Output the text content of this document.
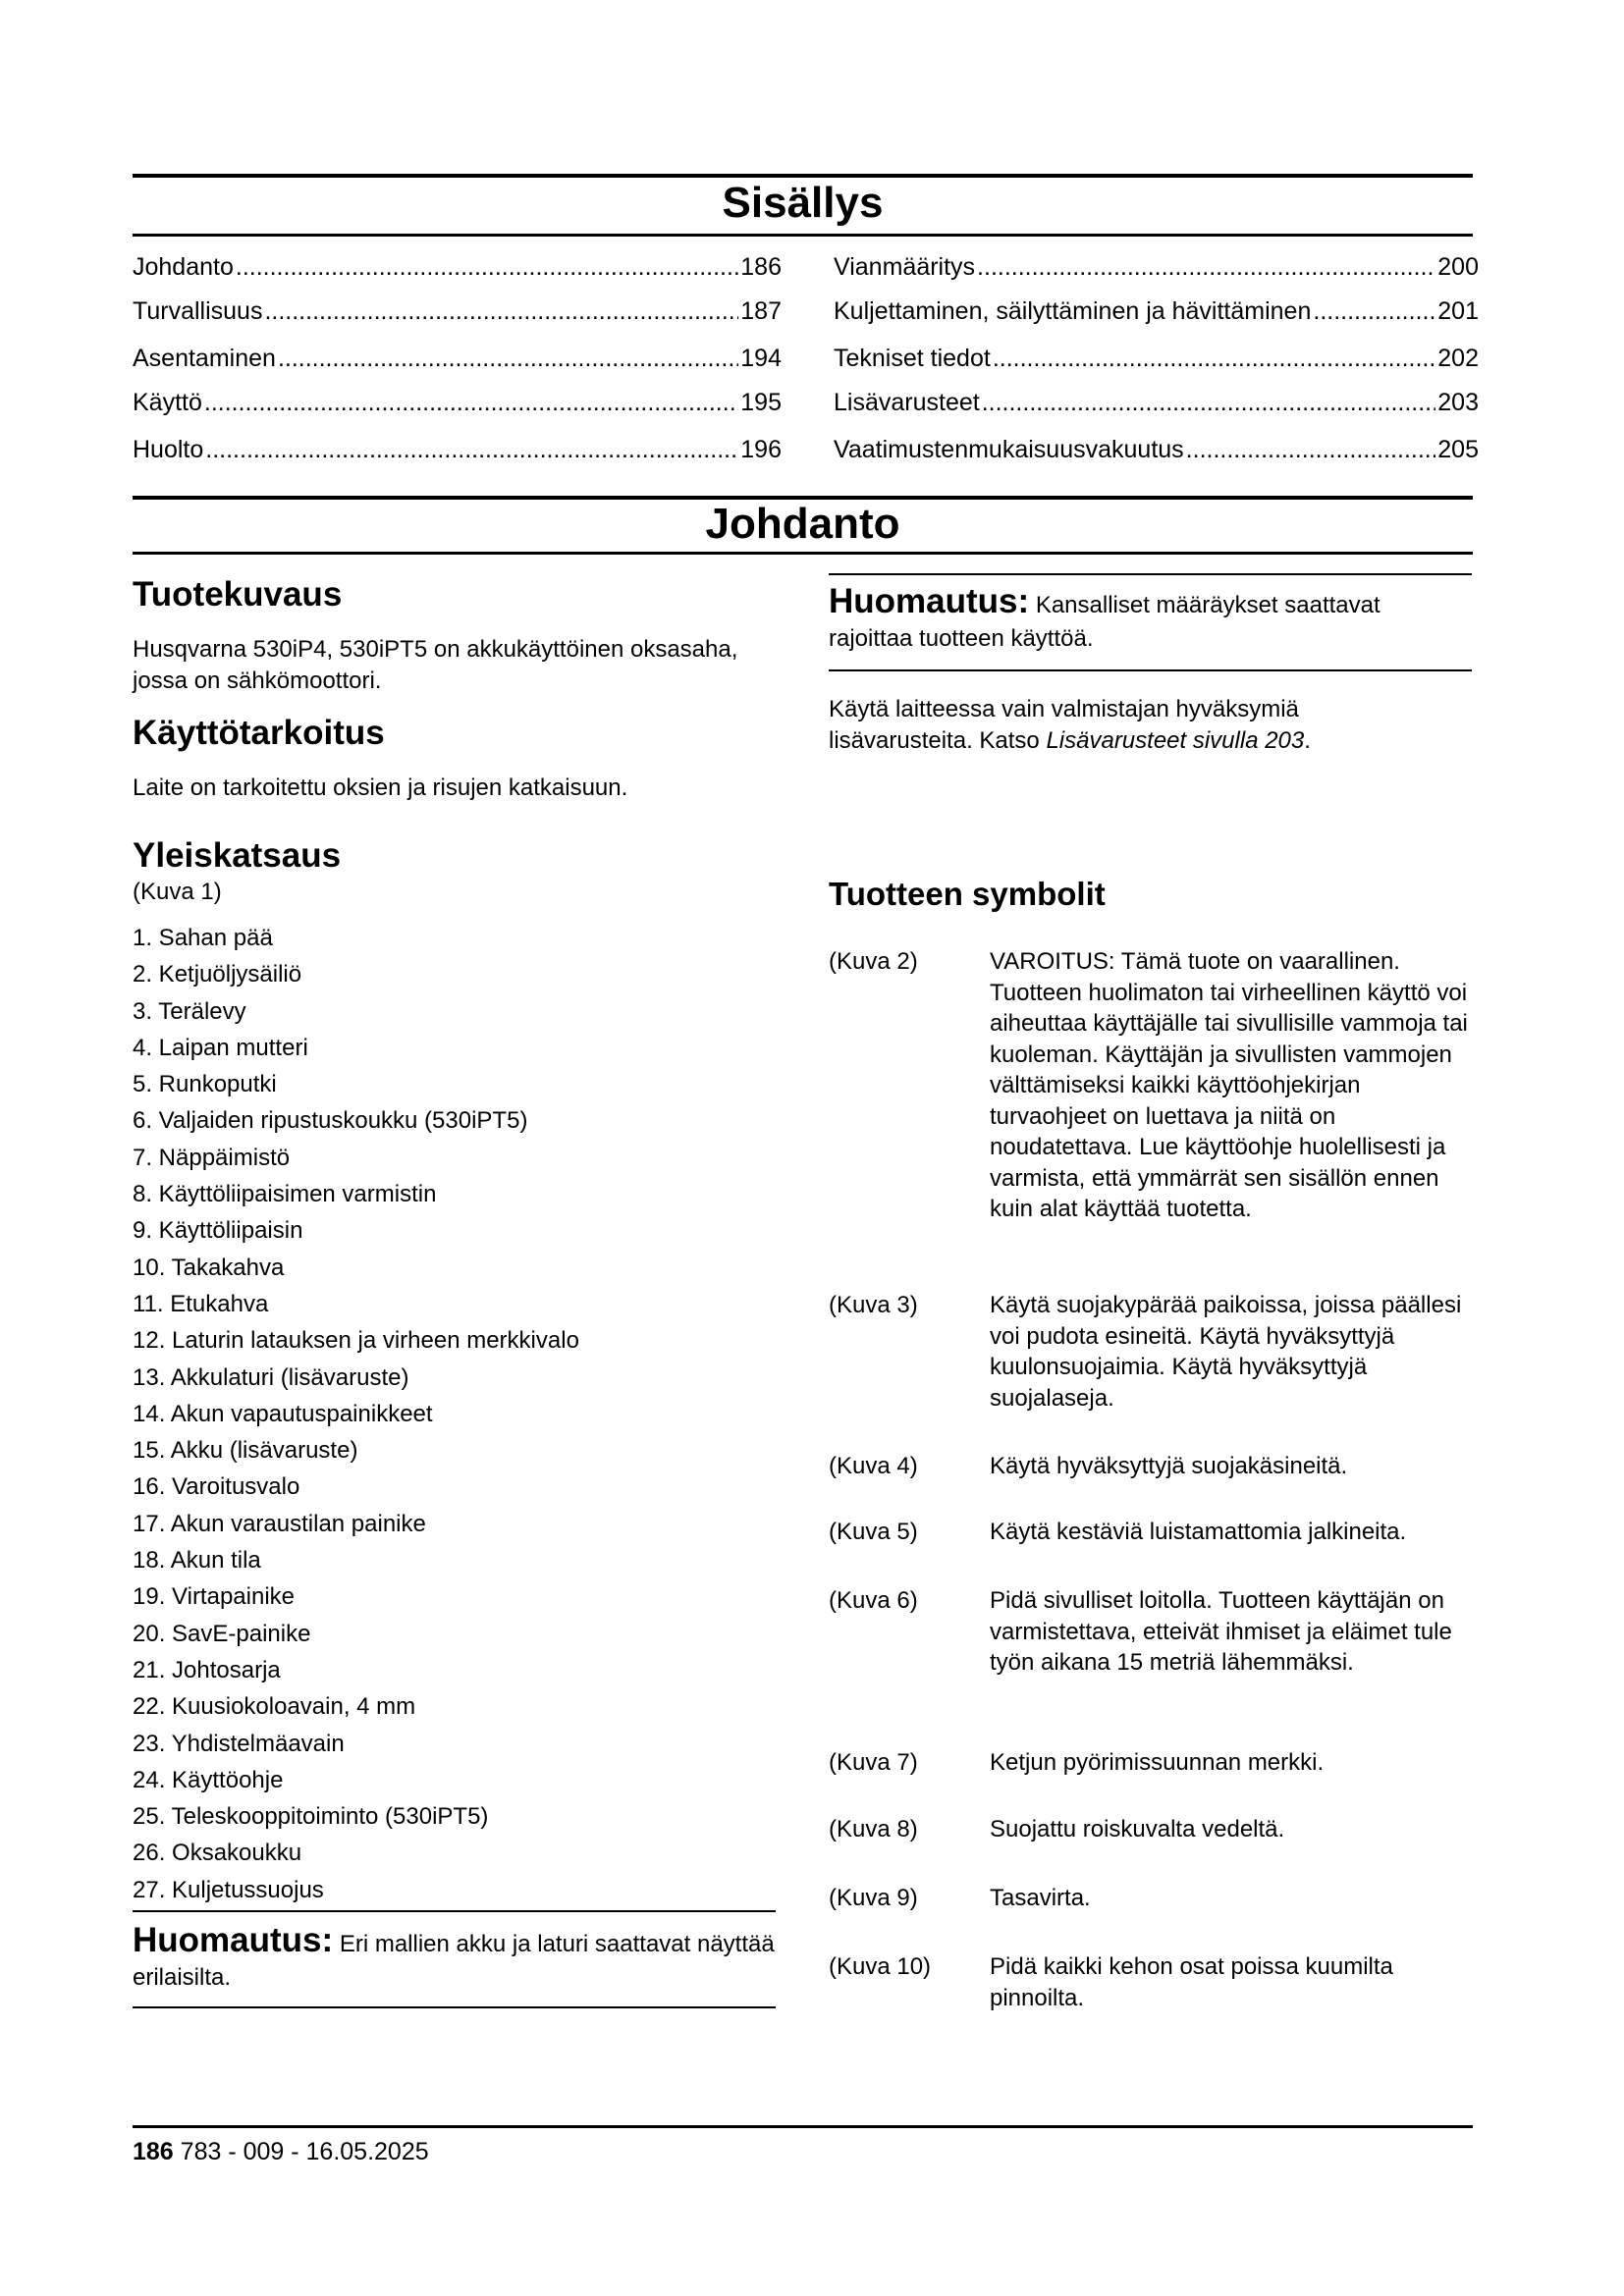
Sisällys
Johdanto .....	186
Turvallisuus .....	187
Asentaminen .....	194
Käyttö .....	195
Huolto .....	196
Vianmääritys .....	200
Kuljettaminen, säilyttäminen ja hävittäminen .....	201
Tekniset tiedot .....	202
Lisävarusteet .....	203
Vaatimustenmukaisuusvakuutus .....	205
Johdanto
Tuotekuvaus
Husqvarna 530iP4, 530iPT5 on akkukäyttöinen oksasaha, jossa on sähkömoottori.
Käyttötarkoitus
Laite on tarkoitettu oksien ja risujen katkaisuun.
Yleiskatsaus
(Kuva 1)
1. Sahan pää
2. Ketjuöljysäiliö
3. Terälevy
4. Laipan mutteri
5. Runkoputki
6. Valjaiden ripustuskoukku (530iPT5)
7. Näppäimistö
8. Käyttöliipaisimen varmistin
9. Käyttöliipaisin
10. Takakahva
11. Etukahva
12. Laturin latauksen ja virheen merkkivalo
13. Akkulaturi (lisävaruste)
14. Akun vapautuspainikkeet
15. Akku (lisävaruste)
16. Varoitusvalo
17. Akun varaustilan painike
18. Akun tila
19. Virtapainike
20. SavE-painike
21. Johtosarja
22. Kuusiokoloavain, 4 mm
23. Yhdistelmäavain
24. Käyttöohje
25. Teleskooppitoiminto (530iPT5)
26. Oksakoukku
27. Kuljetussuojus
Huomautus: Eri mallien akku ja laturi saattavat näyttää erilaisilta.
Huomautus: Kansalliset määräykset saattavat rajoittaa tuotteen käyttöä.
Käytä laitteessa vain valmistajan hyväksymiä lisävarusteita. Katso Lisävarusteet sivulla 203.
Tuotteen symbolit
(Kuva 2)	VAROITUS: Tämä tuote on vaarallinen. Tuotteen huolimaton tai virheellinen käyttö voi aiheuttaa käyttäjälle tai sivullisille vammoja tai kuoleman. Käyttäjän ja sivullisten vammojen välttämiseksi kaikki käyttöohjekirjan turvaohjeet on luettava ja niitä on noudatettava. Lue käyttöohje huolellisesti ja varmista, että ymmärrät sen sisällön ennen kuin alat käyttää tuotetta.
(Kuva 3)	Käytä suojakypärää paikoissa, joissa päällesi voi pudota esineitä. Käytä hyväksyttyjä kuulonsuojaimia. Käytä hyväksyttyjä suojalaseja.
(Kuva 4)	Käytä hyväksyttyjä suojakäsineitä.
(Kuva 5)	Käytä kestäviä luistamattomia jalkineita.
(Kuva 6)	Pidä sivulliset loitolla. Tuotteen käyttäjän on varmistettava, etteivät ihmiset ja eläimet tule työn aikana 15 metriä lähemmäksi.
(Kuva 7)	Ketjun pyörimissuunnan merkki.
(Kuva 8)	Suojattu roiskuvalta vedeltä.
(Kuva 9)	Tasavirta.
(Kuva 10) Pidä kaikki kehon osat poissa kuumilta pinnoilta.
186 783 - 009 - 16.05.2025
